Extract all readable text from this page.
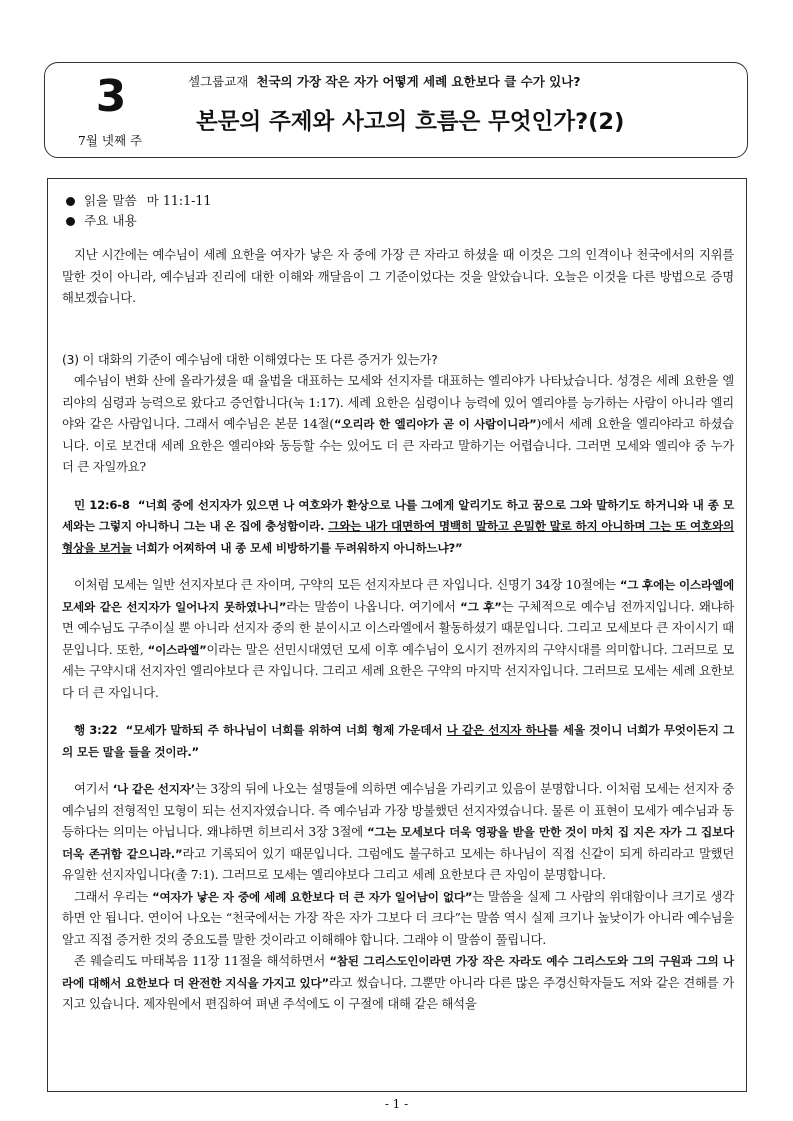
3
7월 넷째 주
셀그룹교재 천국의 가장 작은 자가 어떻게 세례 요한보다 클 수가 있나?
본문의 주제와 사고의 흐름은 무엇인가?(2)
읽을 말씀 마 11:1-11
주요 내용

지난 시간에는 예수님이 세례 요한을 여자가 낳은 자 중에 가장 큰 자라고 하셨을 때 이것은 그의 인격이나 천국에서의 지위를 말한 것이 아니라, 예수님과 진리에 대한 이해와 깨달음이 그 기준이었다는 것을 알았습니다. 오늘은 이것을 다른 방법으로 증명해보겠습니다.

(3) 이 대화의 기준이 예수님에 대한 이해였다는 또 다른 증거가 있는가?

예수님이 변화 산에 올라가셨을 때 율법을 대표하는 모세와 선지자를 대표하는 엘리야가 나타났습니다. 성경은 세례 요한을 엘리야의 심령과 능력으로 왔다고 증언합니다(눅 1:17). 세례 요한은 심령이나 능력에 있어 엘리야를 능가하는 사람이 아니라 엘리야와 같은 사람입니다. 그래서 예수님은 본문 14절(“오리라 한 엘리야가 곧 이 사람이니라”)에서 세례 요한을 엘리야라고 하셨습니다. 이로 보건대 세례 요한은 엘리야와 동등할 수는 있어도 더 큰 자라고 말하기는 어렵습니다. 그러면 모세와 엘리야 중 누가 더 큰 자일까요?

민 12:6-8 “너희 중에 선지자가 있으면 나 여호와가 환상으로 나를 그에게 알리기도 하고 꿈으로 그와 말하기도 하거니와 내 종 모세와는 그렇지 아니하니 그는 내 온 집에 충성함이라. 그와는 내가 대면하여 명백히 말하고 은밀한 말로 하지 아니하며 그는 또 여호와의 형상을 보거늘 너희가 어찌하여 내 종 모세 비방하기를 두려워하지 아니하느냐?”

이처럼 모세는 일반 선지자보다 큰 자이며, 구약의 모든 선지자보다 큰 자입니다. 신명기 34장 10절에는 “그 후에는 이스라엘에 모세와 같은 선지자가 일어나지 못하였나니”라는 말씀이 나옵니다. 여기에서 “그 후”는 구체적으로 예수님 전까지입니다. 왜냐하면 예수님도 구주이실 뿐 아니라 선지자 중의 한 분이시고 이스라엘에서 활동하셨기 때문입니다. 그리고 모세보다 큰 자이시기 때문입니다. 또한, “이스라엘”이라는 말은 선민시대였던 모세 이후 예수님이 오시기 전까지의 구약시대를 의미합니다. 그러므로 모세는 구약시대 선지자인 엘리야보다 큰 자입니다. 그리고 세례 요한은 구약의 마지막 선지자입니다. 그러므로 모세는 세례 요한보다 더 큰 자입니다.

행 3:22 “모세가 말하되 주 하나님이 너희를 위하여 너희 형제 가운데서 나 같은 선지자 하나를 세울 것이니 너희가 무엇이든지 그의 모든 말을 들을 것이라.”

여기서 ‘나 같은 선지자’는 3장의 뒤에 나오는 설명들에 의하면 예수님을 가리키고 있음이 분명합니다. 이처럼 모세는 선지자 중 예수님의 전형적인 모형이 되는 선지자였습니다. 즉 예수님과 가장 방불했던 선지자였습니다. 물론 이 표현이 모세가 예수님과 동등하다는 의미는 아닙니다. 왜냐하면 히브리서 3장 3절에 “그는 모세보다 더욱 영광을 받을 만한 것이 마치 집 지은 자가 그 집보다 더욱 존귀함 같으니라.”라고 기록되어 있기 때문입니다. 그럼에도 불구하고 모세는 하나님이 직접 신같이 되게 하리라고 말했던 유일한 선지자입니다(출 7:1). 그러므로 모세는 엘리야보다 그리고 세례 요한보다 큰 자임이 분명합니다.

그래서 우리는 “여자가 낳은 자 중에 세례 요한보다 더 큰 자가 일어남이 없다”는 말씀을 실제 그 사람의 위대함이나 크기로 생각하면 안 됩니다. 연이어 나오는 “천국에서는 가장 작은 자가 그보다 더 크다”는 말씀 역시 실제 크기나 높낮이가 아니라 예수님을 알고 직접 증거한 것의 중요도를 말한 것이라고 이해해야 합니다. 그래야 이 말씀이 풀립니다.

존 웨슬리도 마태복음 11장 11절을 해석하면서 “참된 그리스도인이라면 가장 작은 자라도 예수 그리스도와 그의 구원과 그의 나라에 대해서 요한보다 더 완전한 지식을 가지고 있다”라고 썼습니다. 그뿐만 아니라 다른 많은 주경신학자들도 저와 같은 견해를 가지고 있습니다. 제자원에서 편집하여 펴낸 주석에도 이 구절에 대해 같은 해석을

- 1 -
